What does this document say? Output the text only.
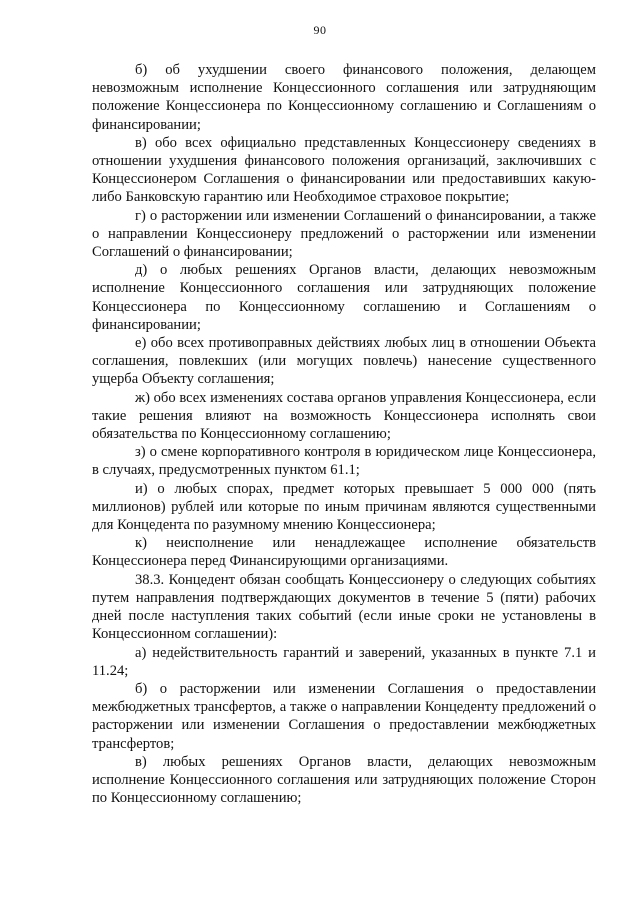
90

б) об ухудшении своего финансового положения, делающем невозможным исполнение Концессионного соглашения или затрудняющим положение Концессионера по Концессионному соглашению и Соглашениям о финансировании;

в) обо всех официально представленных Концессионеру сведениях в отношении ухудшения финансового положения организаций, заключивших с Концессионером Соглашения о финансировании или предоставивших какую-либо Банковскую гарантию или Необходимое страховое покрытие;

г) о расторжении или изменении Соглашений о финансировании, а также о направлении Концессионеру предложений о расторжении или изменении Соглашений о финансировании;

д) о любых решениях Органов власти, делающих невозможным исполнение Концессионного соглашения или затрудняющих положение Концессионера по Концессионному соглашению и Соглашениям о финансировании;

е) обо всех противоправных действиях любых лиц в отношении Объекта соглашения, повлекших (или могущих повлечь) нанесение существенного ущерба Объекту соглашения;

ж) обо всех изменениях состава органов управления Концессионера, если такие решения влияют на возможность Концессионера исполнять свои обязательства по Концессионному соглашению;

з) о смене корпоративного контроля в юридическом лице Концессионера, в случаях, предусмотренных пунктом 61.1;

и) о любых спорах, предмет которых превышает 5 000 000 (пять миллионов) рублей или которые по иным причинам являются существенными для Концедента по разумному мнению Концессионера;

к) неисполнение или ненадлежащее исполнение обязательств Концессионера перед Финансирующими организациями.

38.3. Концедент обязан сообщать Концессионеру о следующих событиях путем направления подтверждающих документов в течение 5 (пяти) рабочих дней после наступления таких событий (если иные сроки не установлены в Концессионном соглашении):

а) недействительность гарантий и заверений, указанных в пункте 7.1 и 11.24;

б) о расторжении или изменении Соглашения о предоставлении межбюджетных трансфертов, а также о направлении Концеденту предложений о расторжении или изменении Соглашения о предоставлении межбюджетных трансфертов;

в) любых решениях Органов власти, делающих невозможным исполнение Концессионного соглашения или затрудняющих положение Сторон по Концессионному соглашению;
